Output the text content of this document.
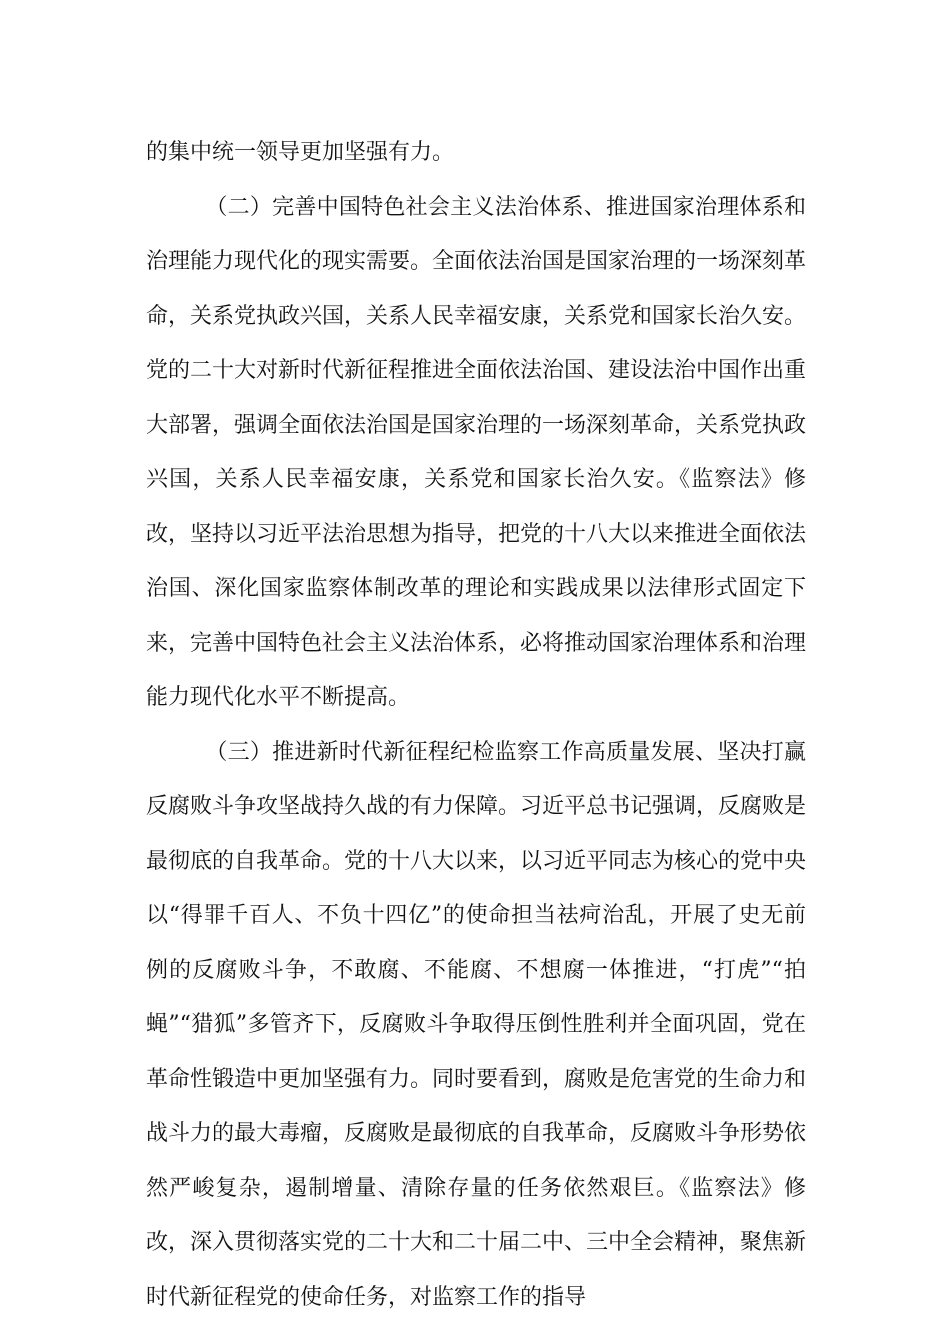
的集中统一领导更加坚强有力。

（二）完善中国特色社会主义法治体系、推进国家治理体系和治理能力现代化的现实需要。全面依法治国是国家治理的一场深刻革命，关系党执政兴国，关系人民幸福安康，关系党和国家长治久安。党的二十大对新时代新征程推进全面依法治国、建设法治中国作出重大部署，强调全面依法治国是国家治理的一场深刻革命，关系党执政兴国，关系人民幸福安康，关系党和国家长治久安。《监察法》修改，坚持以习近平法治思想为指导，把党的十八大以来推进全面依法治国、深化国家监察体制改革的理论和实践成果以法律形式固定下来，完善中国特色社会主义法治体系，必将推动国家治理体系和治理能力现代化水平不断提高。

（三）推进新时代新征程纪检监察工作高质量发展、坚决打赢反腐败斗争攻坚战持久战的有力保障。习近平总书记强调，反腐败是最彻底的自我革命。党的十八大以来，以习近平同志为核心的党中央以“得罪千百人、不负十四亿”的使命担当祛疴治乱，开展了史无前例的反腐败斗争，不敢腐、不能腐、不想腐一体推进，“打虎”“拍蝇”“猎狐”多管齐下，反腐败斗争取得压倒性胜利并全面巩固，党在革命性锻造中更加坚强有力。同时要看到，腐败是危害党的生命力和战斗力的最大毒瘤，反腐败是最彻底的自我革命，反腐败斗争形势依然严峻复杂，遏制增量、清除存量的任务依然艰巨。《监察法》修改，深入贯彻落实党的二十大和二十届二中、三中全会精神，聚焦新时代新征程党的使命任务，对监察工作的指导
